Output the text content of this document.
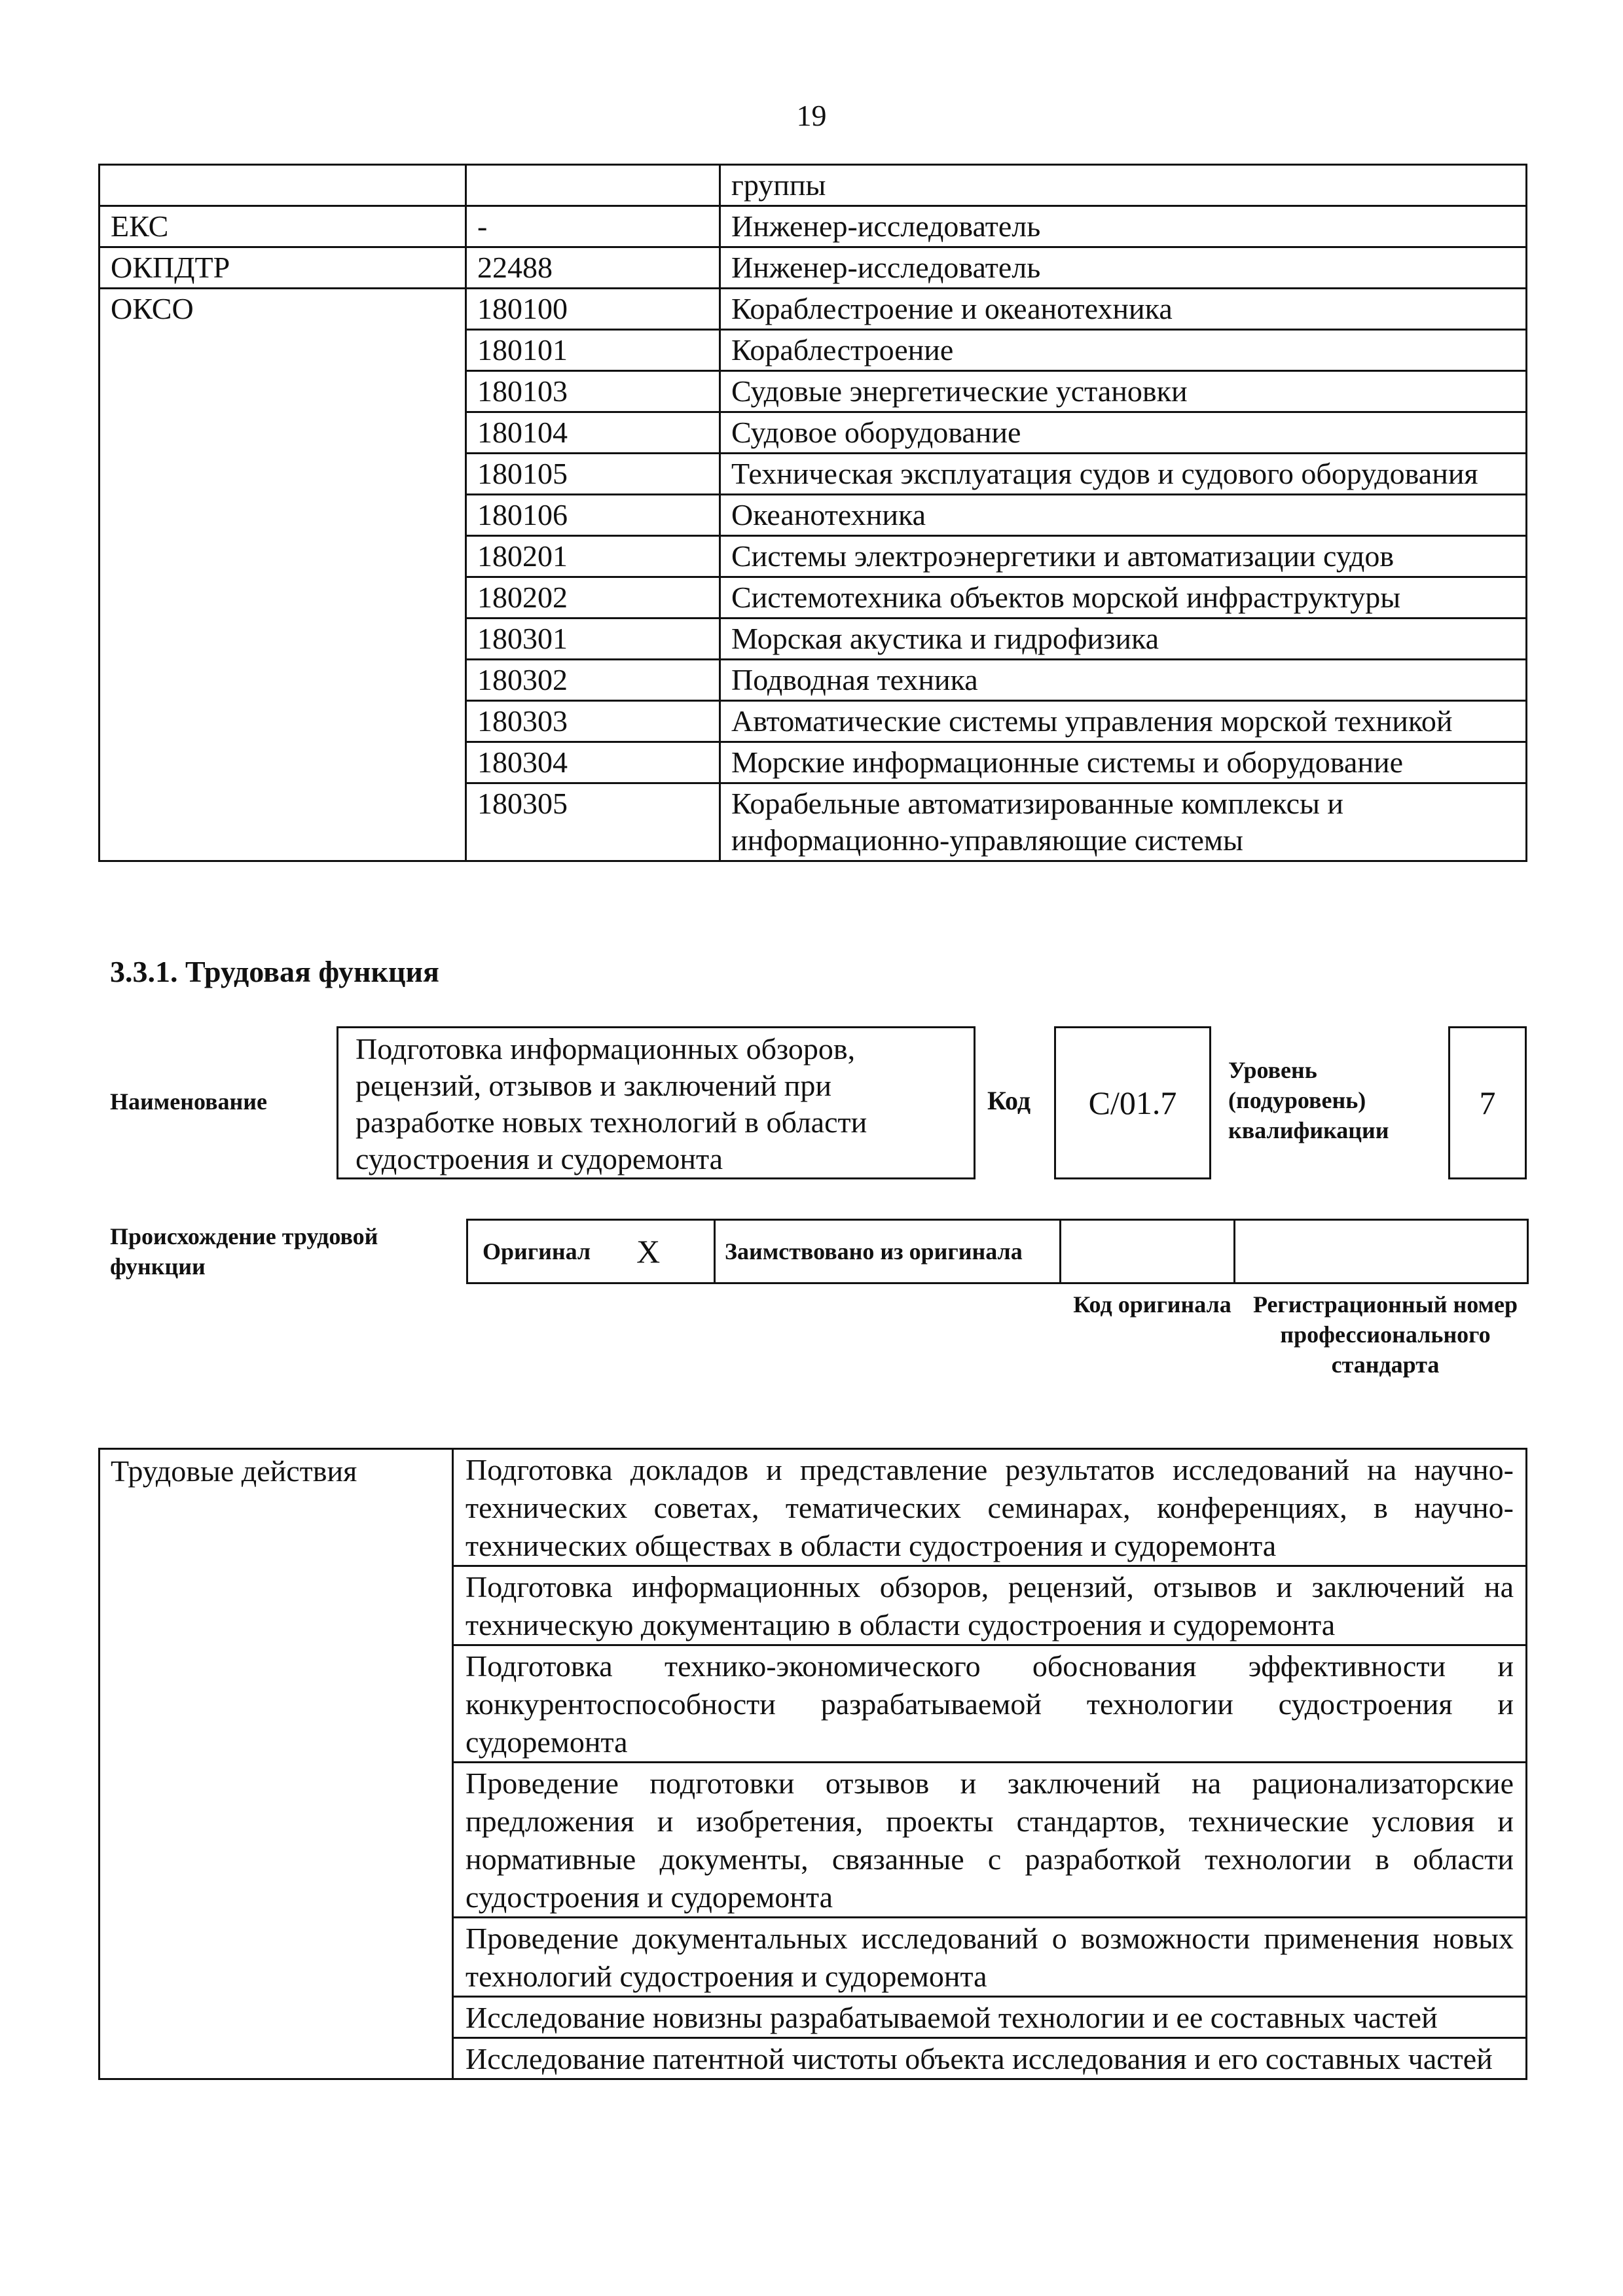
19
		группы
ЕКС	-	Инженер-исследователь
ОКПДТР	22488	Инженер-исследователь
ОКСО	180100	Кораблестроение и океанотехника
	180101	Кораблестроение
	180103	Судовые энергетические установки
	180104	Судовое оборудование
	180105	Техническая эксплуатация судов и судового оборудования
	180106	Океанотехника
	180201	Системы электроэнергетики и автоматизации судов
	180202	Системотехника объектов морской инфраструктуры
	180301	Морская акустика и гидрофизика
	180302	Подводная техника
	180303	Автоматические системы управления морской техникой
	180304	Морские информационные системы и оборудование
	180305	Корабельные автоматизированные комплексы и информационно-управляющие системы
3.3.1. Трудовая функция
Наименование
Подготовка информационных обзоров, рецензий, отзывов и заключений при разработке новых технологий в области судостроения и судоремонта
Код C/01.7
Уровень (подуровень) квалификации
7
Происхождение трудовой функции
Оригинал X	Заимствовано из оригинала

Код оригинала Регистрационный номер профессионального стандарта
Трудовые действия	Подготовка докладов и представление результатов исследований на научно-технических советах, тематических семинарах, конференциях, в научно-технических обществах в области судостроения и судоремонта
Подготовка информационных обзоров, рецензий, отзывов и заключений на техническую документацию в области судостроения и судоремонта
Подготовка технико-экономического обоснования эффективности и конкурентоспособности разрабатываемой технологии судостроения и судоремонта
Проведение подготовки отзывов и заключений на рационализаторские предложения и изобретения, проекты стандартов, технические условия и нормативные документы, связанные с разработкой технологии в области судостроения и судоремонта
Проведение документальных исследований о возможности применения новых технологий судостроения и судоремонта
Исследование новизны разрабатываемой технологии и ее составных частей
Исследование патентной чистоты объекта исследования и его составных частей
